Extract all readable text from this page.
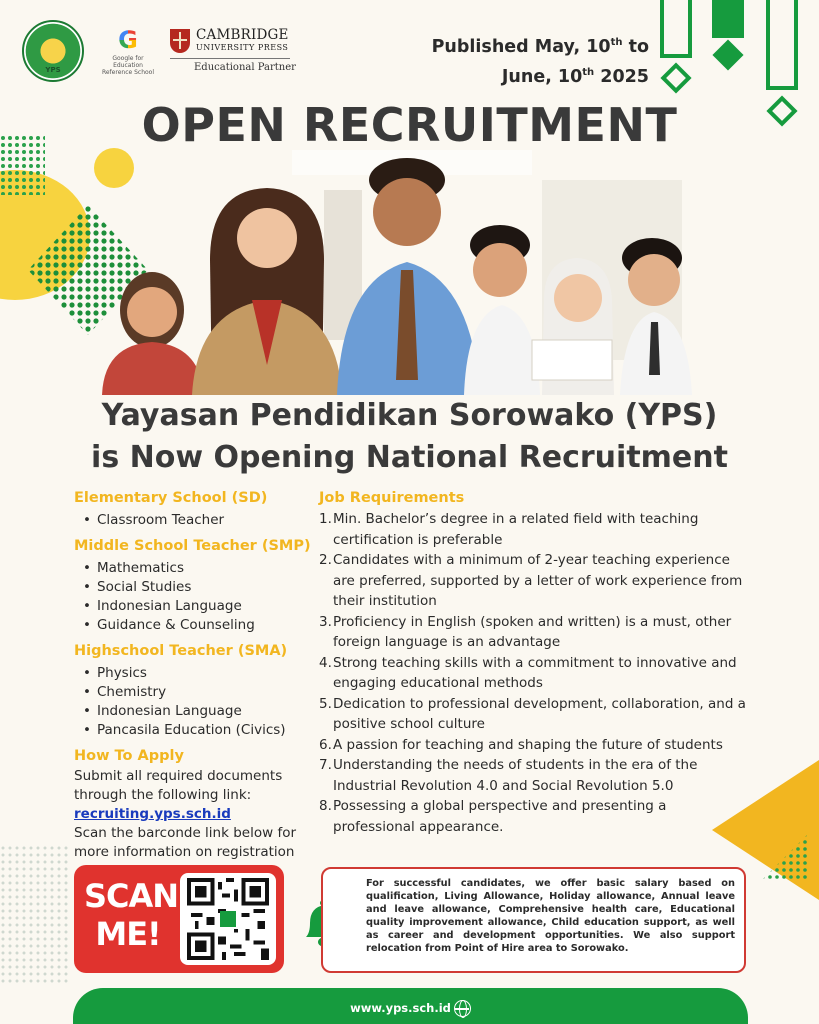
YPS
G
Google for Education
Reference School
CAMBRIDGE
UNIVERSITY PRESS
Educational Partner
Published May, 10th to
June, 10th 2025
OPEN RECRUITMENT
Yayasan Pendidikan Sorowako (YPS)
is Now Opening National Recruitment
Elementary School (SD)
• Classroom Teacher
Middle School Teacher (SMP)
• Mathematics
• Social Studies
• Indonesian Language
• Guidance & Counseling
Highschool Teacher (SMA)
• Physics
• Chemistry
• Indonesian Language
• Pancasila Education (Civics)
How To Apply
Submit all required documents through the following link:
recruiting.yps.sch.id
Scan the barconde link below for more information on registration
Job Requirements
1. Min. Bachelor’s degree in a related field with teaching certification is preferable
2. Candidates with a minimum of 2-year teaching experience are preferred, supported by a letter of work experience from their institution
3. Proficiency in English (spoken and written) is a must, other foreign language is an advantage
4. Strong teaching skills with a commitment to innovative and engaging educational methods
5. Dedication to professional development, collaboration, and a positive school culture
6. A passion for teaching and shaping the future of students
7. Understanding the needs of students in the era of the Industrial Revolution 4.0 and Social Revolution 5.0
8. Possessing a global perspective and presenting a professional appearance.
SCAN
ME!
For successful candidates, we offer basic salary based on qualification, Living Allowance, Holiday allowance, Annual leave and leave allowance, Comprehensive health care, Educational quality improvement allowance, Child education support, as well as career and development opportunities. We also support relocation from Point of Hire area to Sorowako.
www.yps.sch.id
